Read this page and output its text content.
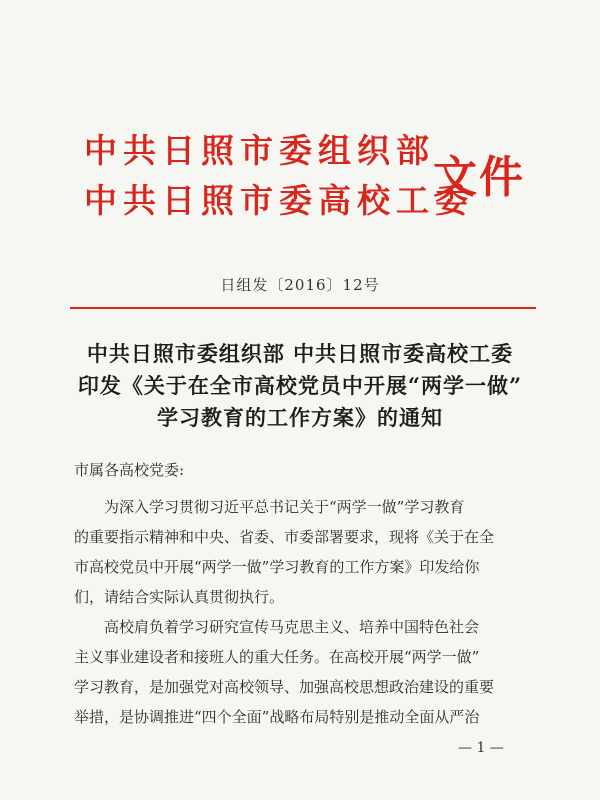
中共日照市委组织部
中共日照市委高校工委
文件
日组发〔2016〕12号
中共日照市委组织部 中共日照市委高校工委
印发《关于在全市高校党员中开展“两学一做”
学习教育的工作方案》的通知
市属各高校党委:
为深入学习贯彻习近平总书记关于“两学一做”学习教育
的重要指示精神和中央、省委、市委部署要求，现将《关于在全
市高校党员中开展“两学一做”学习教育的工作方案》印发给你
们，请结合实际认真贯彻执行。
高校肩负着学习研究宣传马克思主义、培养中国特色社会
主义事业建设者和接班人的重大任务。在高校开展“两学一做”
学习教育，是加强党对高校领导、加强高校思想政治建设的重要
举措，是协调推进“四个全面”战略布局特别是推动全面从严治
— 1 —
